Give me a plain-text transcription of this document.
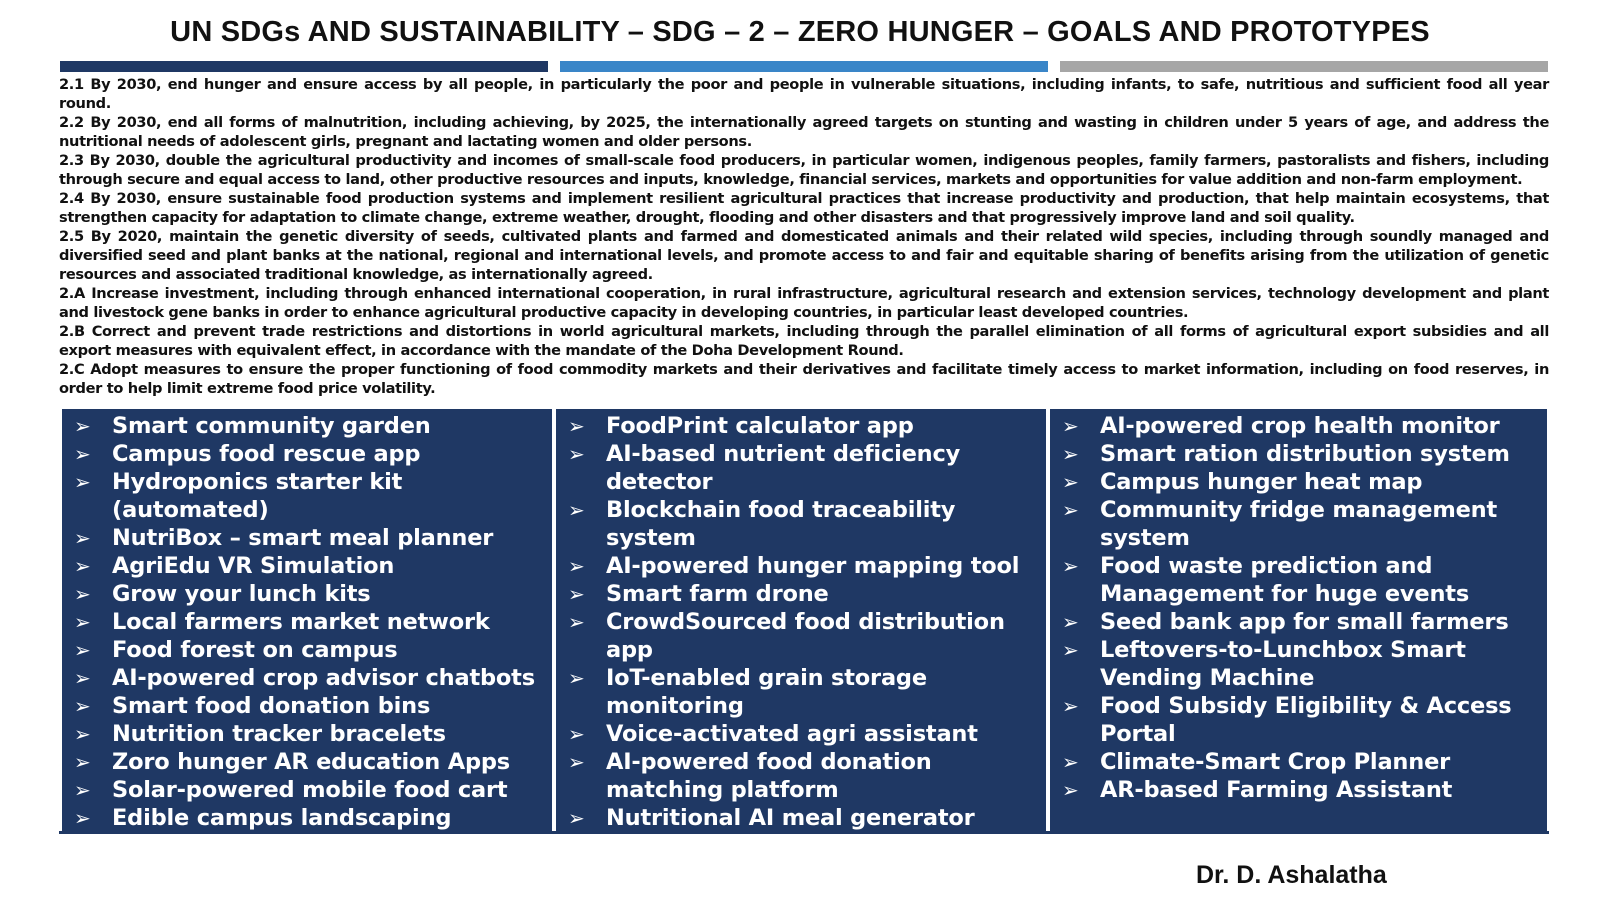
UN SDGs AND SUSTAINABILITY – SDG – 2 – ZERO HUNGER – GOALS AND PROTOTYPES

2.1 By 2030, end hunger and ensure access by all people, in particularly the poor and people in vulnerable situations, including infants, to safe, nutritious and sufficient food all year round.

2.2 By 2030, end all forms of malnutrition, including achieving, by 2025, the internationally agreed targets on stunting and wasting in children under 5 years of age, and address the nutritional needs of adolescent girls, pregnant and lactating women and older persons.

2.3 By 2030, double the agricultural productivity and incomes of small-scale food producers, in particular women, indigenous peoples, family farmers, pastoralists and fishers, including through secure and equal access to land, other productive resources and inputs, knowledge, financial services, markets and opportunities for value addition and non-farm employment.

2.4 By 2030, ensure sustainable food production systems and implement resilient agricultural practices that increase productivity and production, that help maintain ecosystems, that strengthen capacity for adaptation to climate change, extreme weather, drought, flooding and other disasters and that progressively improve land and soil quality.

2.5 By 2020, maintain the genetic diversity of seeds, cultivated plants and farmed and domesticated animals and their related wild species, including through soundly managed and diversified seed and plant banks at the national, regional and international levels, and promote access to and fair and equitable sharing of benefits arising from the utilization of genetic resources and associated traditional knowledge, as internationally agreed.

2.A Increase investment, including through enhanced international cooperation, in rural infrastructure, agricultural research and extension services, technology development and plant and livestock gene banks in order to enhance agricultural productive capacity in developing countries, in particular least developed countries.

2.B Correct and prevent trade restrictions and distortions in world agricultural markets, including through the parallel elimination of all forms of agricultural export subsidies and all export measures with equivalent effect, in accordance with the mandate of the Doha Development Round.

2.C Adopt measures to ensure the proper functioning of food commodity markets and their derivatives and facilitate timely access to market information, including on food reserves, in order to help limit extreme food price volatility.

➢ Smart community garden
➢ Campus food rescue app
➢ Hydroponics starter kit (automated)
➢ NutriBox – smart meal planner
➢ AgriEdu VR Simulation
➢ Grow your lunch kits
➢ Local farmers market network
➢ Food forest on campus
➢ AI-powered crop advisor chatbots
➢ Smart food donation bins
➢ Nutrition tracker bracelets
➢ Zoro hunger AR education Apps
➢ Solar-powered mobile food cart
➢ Edible campus landscaping
➢ FoodPrint calculator app
➢ AI-based nutrient deficiency detector
➢ Blockchain food traceability system
➢ AI-powered hunger mapping tool
➢ Smart farm drone
➢ CrowdSourced food distribution app
➢ IoT-enabled grain storage monitoring
➢ Voice-activated agri assistant
➢ AI-powered food donation matching platform
➢ Nutritional AI meal generator
➢ EdTech platform for food security
➢ AI-powered crop health monitor
➢ Smart ration distribution system
➢ Campus hunger heat map
➢ Community fridge management system
➢ Food waste prediction and Management for huge events
➢ Seed bank app for small farmers
➢ Leftovers-to-Lunchbox Smart Vending Machine
➢ Food Subsidy Eligibility & Access Portal
➢ Climate-Smart Crop Planner
➢ AR-based Farming Assistant
Dr. D. Ashalatha
